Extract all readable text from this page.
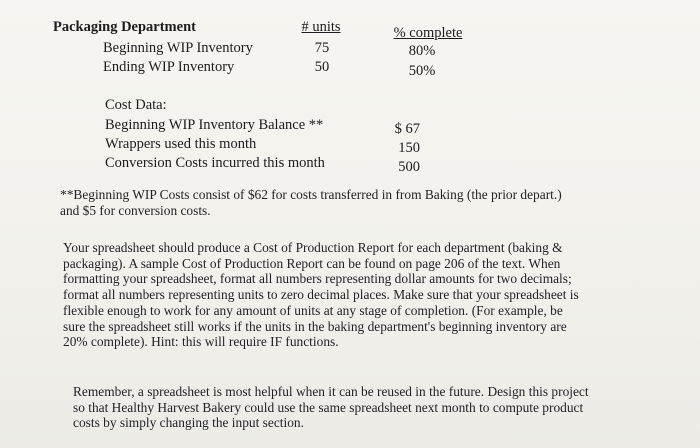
Packaging Department	# units	% complete
Beginning WIP Inventory	75	80%
Ending WIP Inventory	50	50%
Cost Data:
Beginning WIP Inventory Balance **	$ 67
Wrappers used this month	150
Conversion Costs incurred this month	500
**Beginning WIP Costs consist of $62 for costs transferred in from Baking (the prior depart.)
and $5 for conversion costs.
Your spreadsheet should produce a Cost of Production Report for each department (baking &
packaging). A sample Cost of Production Report can be found on page 206 of the text. When
formatting your spreadsheet, format all numbers representing dollar amounts for two decimals;
format all numbers representing units to zero decimal places. Make sure that your spreadsheet is
flexible enough to work for any amount of units at any stage of completion. (For example, be
sure the spreadsheet still works if the units in the baking department's beginning inventory are
20% complete). Hint: this will require IF functions.
Remember, a spreadsheet is most helpful when it can be reused in the future. Design this project
so that Healthy Harvest Bakery could use the same spreadsheet next month to compute product
costs by simply changing the input section.
